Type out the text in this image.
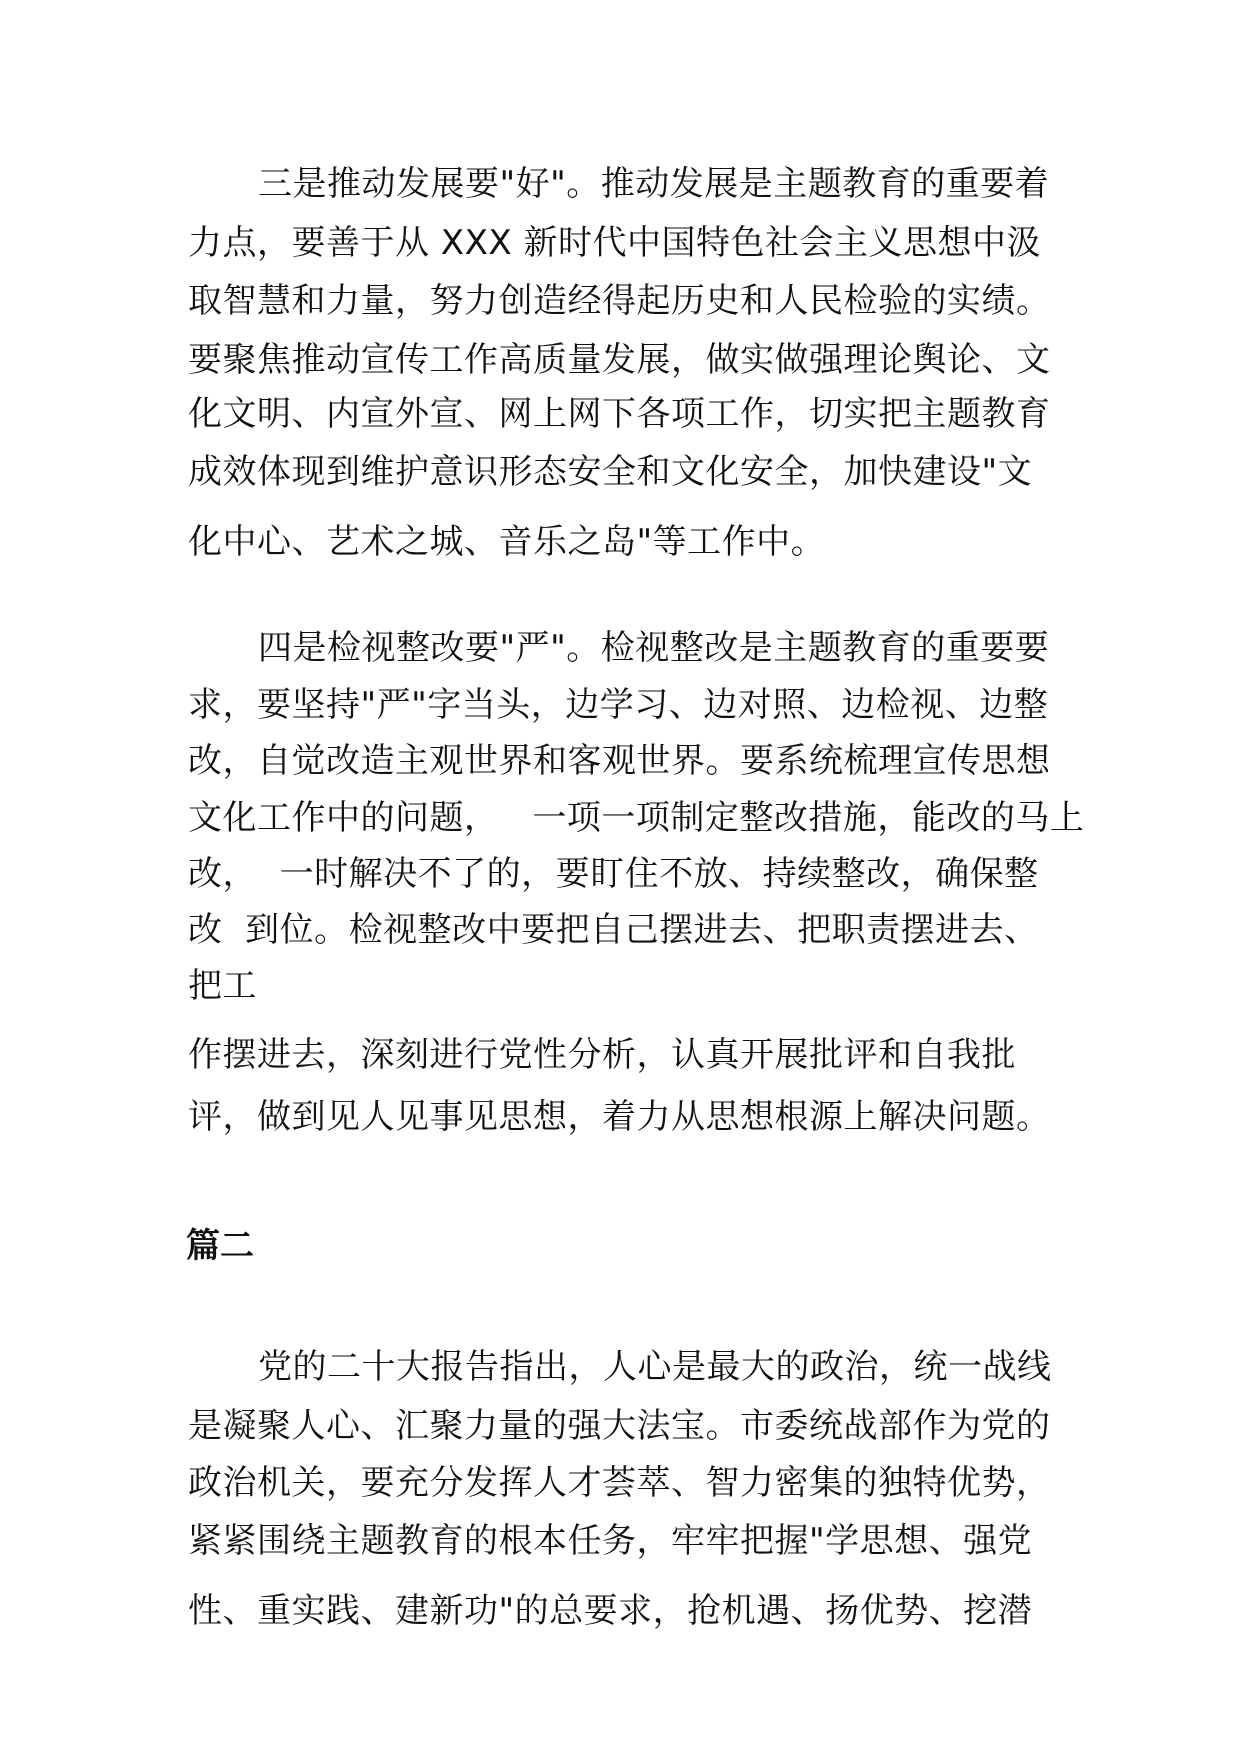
三是推动发展要"好"。推动发展是主题教育的重要着
力点，要善于从 XXX 新时代中国特色社会主义思想中汲
取智慧和力量，努力创造经得起历史和人民检验的实绩。
要聚焦推动宣传工作高质量发展，做实做强理论舆论、文
化文明、内宣外宣、网上网下各项工作，切实把主题教育
成效体现到维护意识形态安全和文化安全，加快建设"文
化中心、艺术之城、音乐之岛"等工作中。
四是检视整改要"严"。检视整改是主题教育的重要要
求，要坚持"严"字当头，边学习、边对照、边检视、边整
改，自觉改造主观世界和客观世界。要系统梳理宣传思想
文化工作中的问题，   一项一项制定整改措施，能改的马上
改，  一时解决不了的，要盯住不放、持续整改，确保整
改  到位。检视整改中要把自己摆进去、把职责摆进去、
把工
作摆进去，深刻进行党性分析，认真开展批评和自我批
评，做到见人见事见思想，着力从思想根源上解决问题。
篇二
党的二十大报告指出，人心是最大的政治，统一战线
是凝聚人心、汇聚力量的强大法宝。市委统战部作为党的
政治机关，要充分发挥人才荟萃、智力密集的独特优势，
紧紧围绕主题教育的根本任务，牢牢把握"学思想、强党
性、重实践、建新功"的总要求，抢机遇、扬优势、挖潜
